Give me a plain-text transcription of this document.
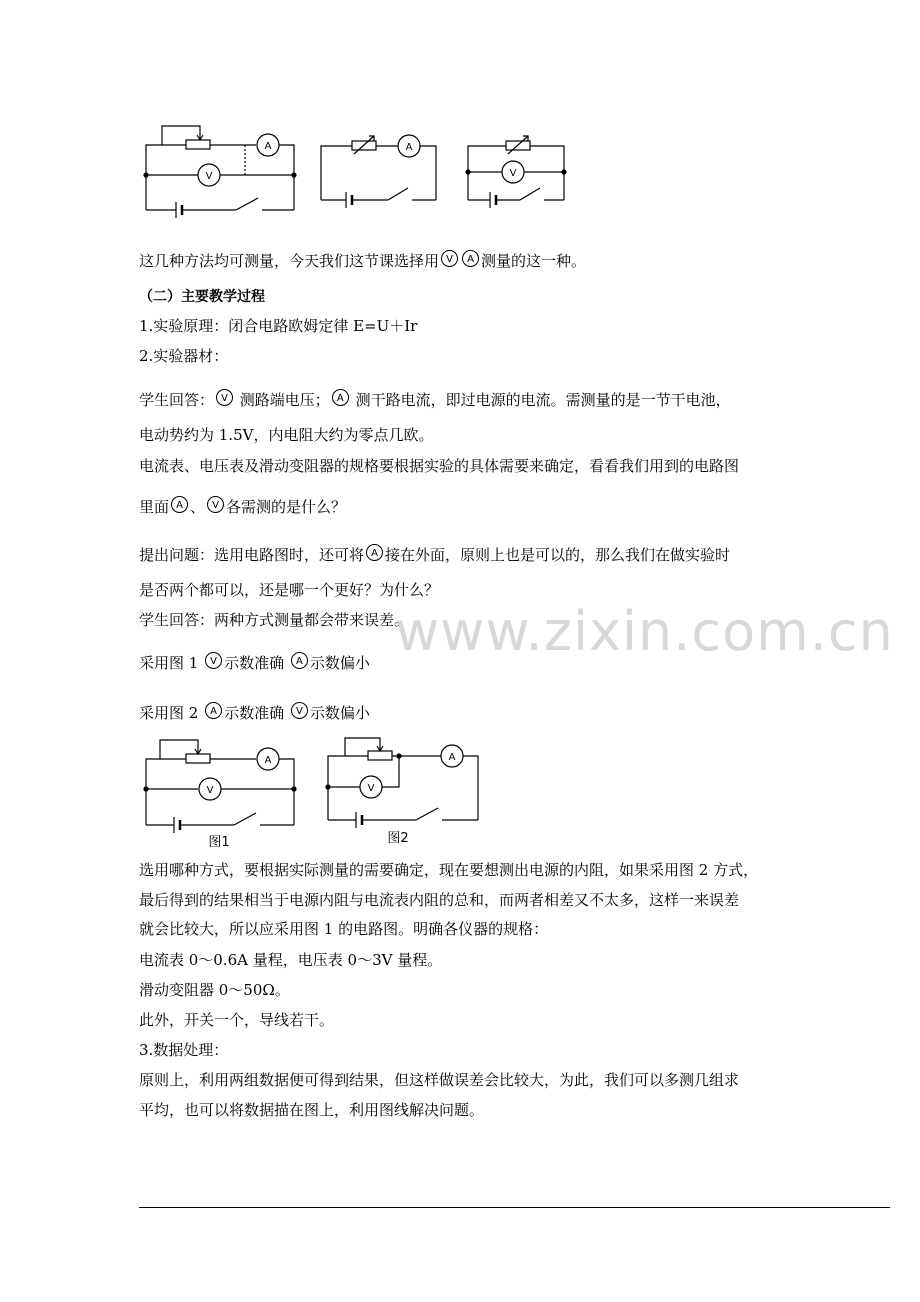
A
V
A
V
这几种方法均可测量，今天我们这节课选择用 V A 测量的这一种。
（二）主要教学过程
1.实验原理：闭合电路欧姆定律 E=U＋Ir
2.实验器材：
学生回答： V 测路端电压； A 测干路电流，即过电源的电流。需测量的是一节干电池，
电动势约为 1.5V，内电阻大约为零点几欧。
电流表、电压表及滑动变阻器的规格要根据实验的具体需要来确定，看看我们用到的电路图
里面 A 、 V 各需测的是什么？
提出问题：选用电路图时，还可将 A 接在外面，原则上也是可以的，那么我们在做实验时
是否两个都可以，还是哪一个更好？为什么？
学生回答：两种方式测量都会带来误差。
采用图 1 V 示数准确 A 示数偏小
采用图 2 A 示数准确 V 示数偏小
A
V
图1
A
V
图2
选用哪种方式，要根据实际测量的需要确定，现在要想测出电源的内阻，如果采用图 2 方式，
最后得到的结果相当于电源内阻与电流表内阻的总和，而两者相差又不太多，这样一来误差
就会比较大，所以应采用图 1 的电路图。明确各仪器的规格：
电流表 0～0.6A 量程，电压表 0～3V 量程。
滑动变阻器 0～50Ω。
此外，开关一个，导线若干。
3.数据处理：
原则上，利用两组数据便可得到结果，但这样做误差会比较大，为此，我们可以多测几组求
平均，也可以将数据描在图上，利用图线解决问题。
www.zixin.com.cn
